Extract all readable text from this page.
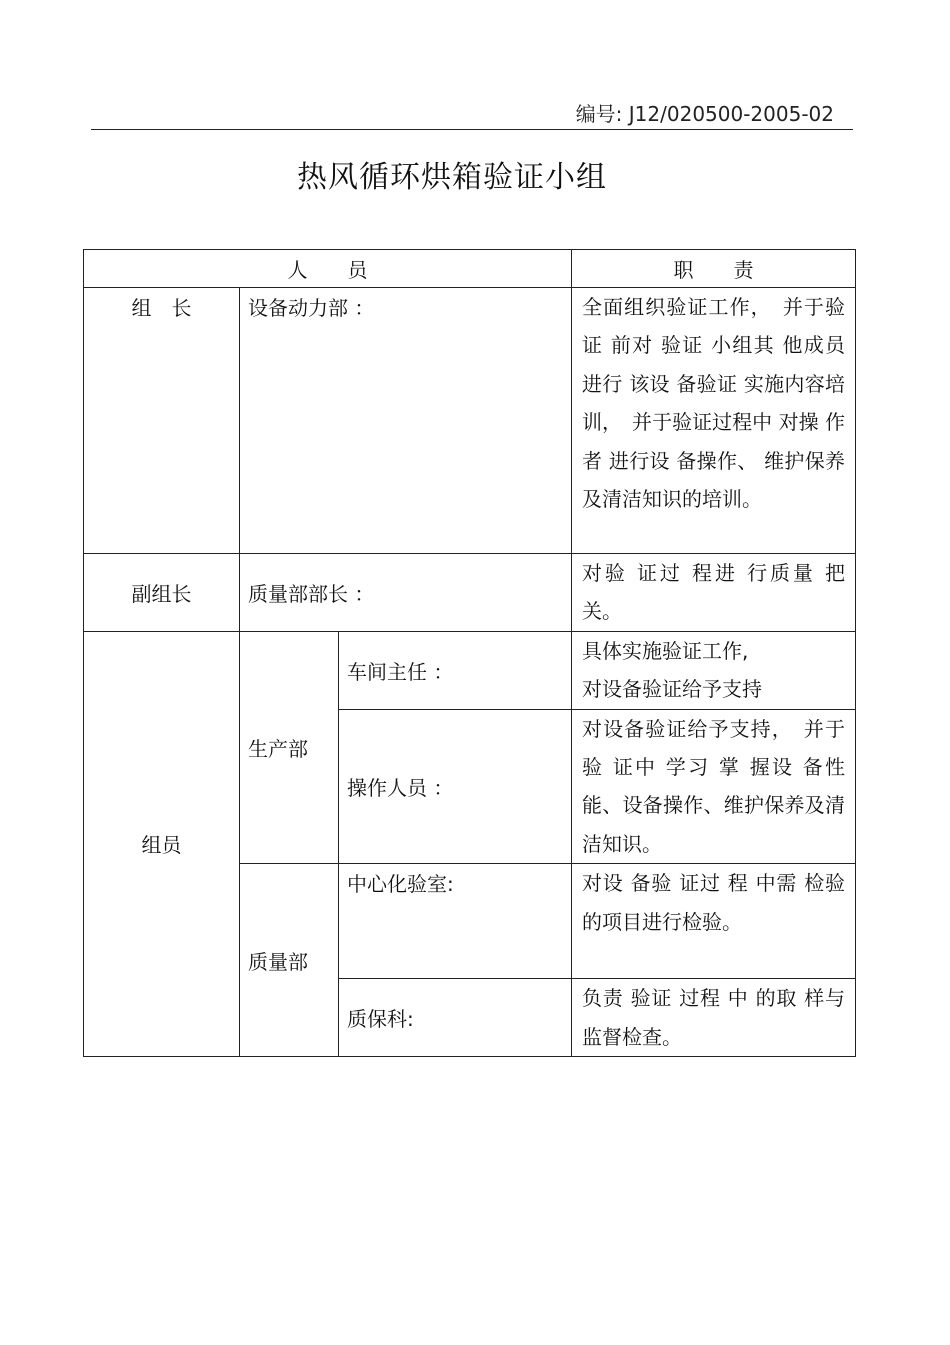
编号: J12/020500-2005-02
热风循环烘箱验证小组
人　　员			职　　责
组　长	设备动力部 ：		全面组织验证工作，　并于验证 前对 验证 小组其 他成员 进行 该设 备验证 实施内容培训，　并于验证过程中 对操 作者 进行设 备操作、 维护保养及清洁知识的培训。
副组长	质量部部长 ：		对验 证过 程进 行质量 把关。
组员	生产部	车间主任 ：	具体实施验证工作,
对设备验证给予支持

		操作人员 ：	对设备验证给予支持，　并于验 证中 学习 掌 握设 备性能、设备操作、维护保养及清洁知识。
	质量部	中心化验室:	对设 备验 证过 程 中需 检验的项目进行检验。
		质保科:	负责 验证 过程 中 的取 样与监督检查。
